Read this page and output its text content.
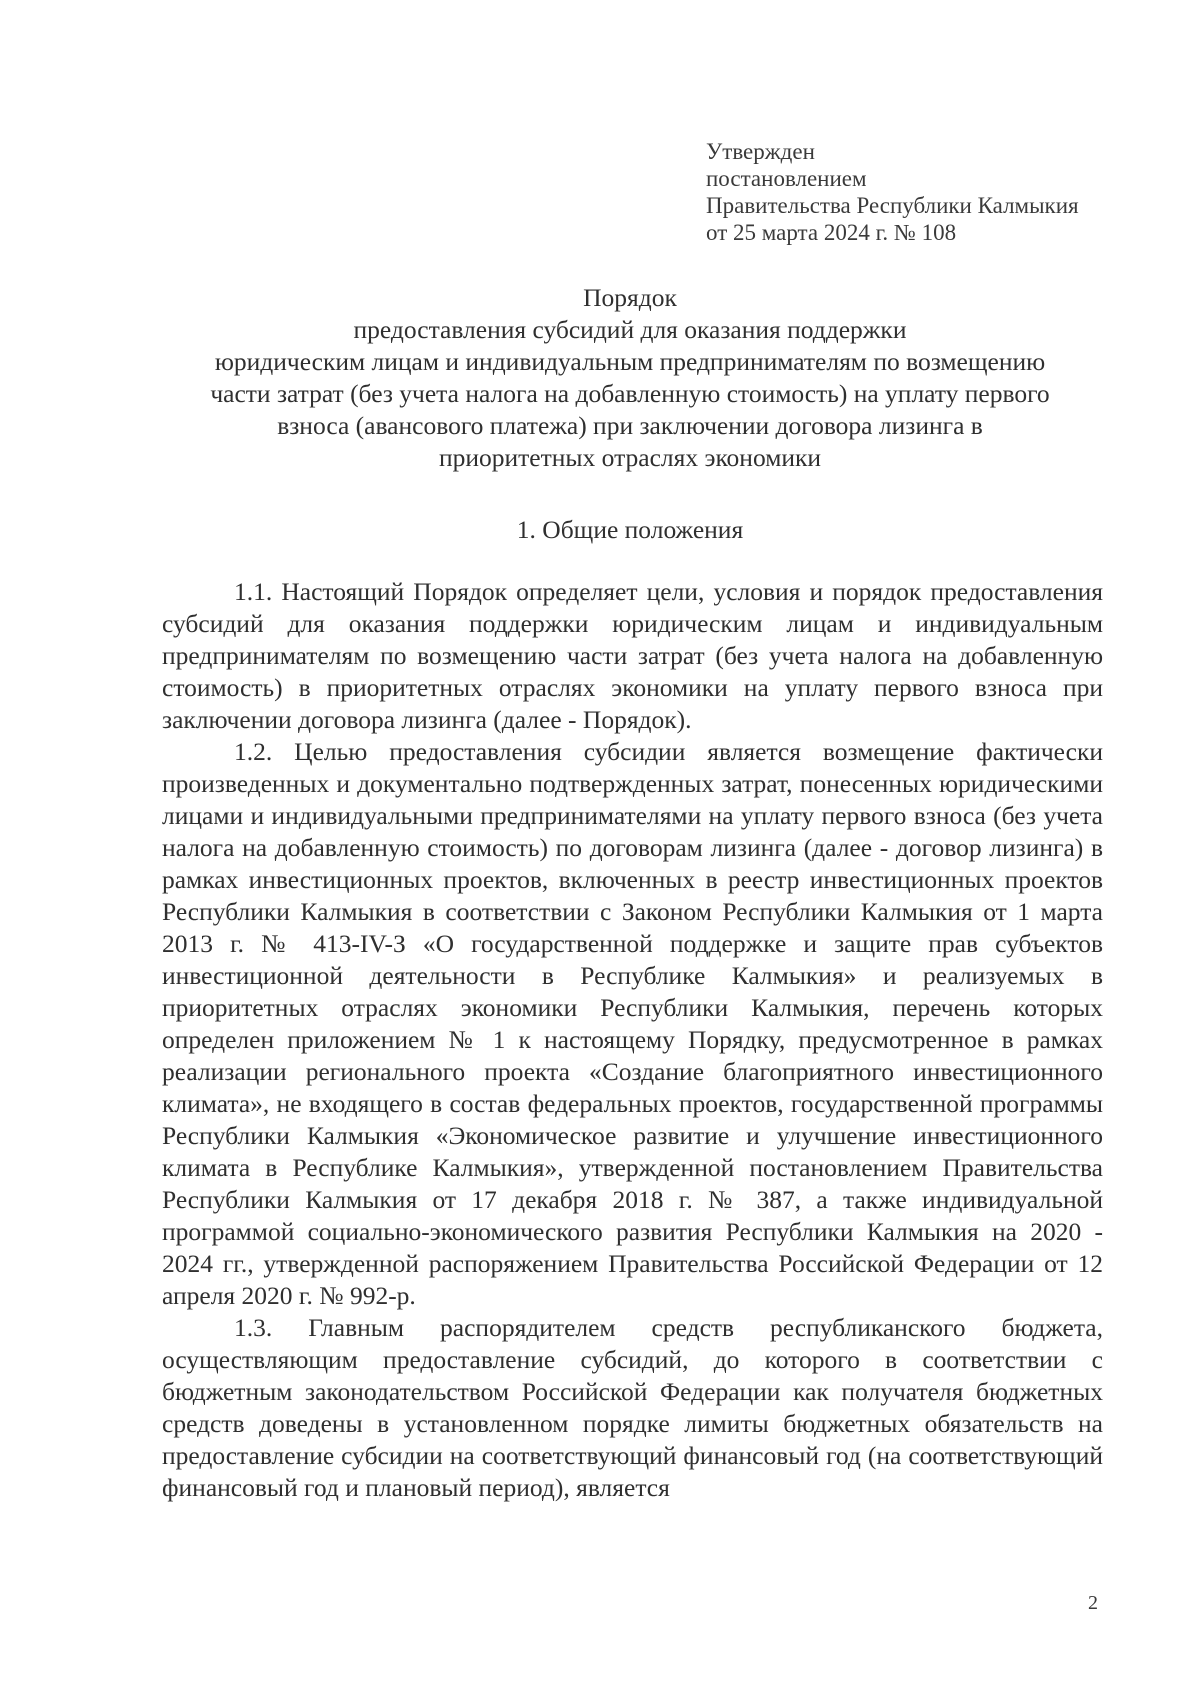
Утвержден
постановлением
Правительства Республики Калмыкия
от 25 марта 2024 г. № 108
Порядок
предоставления субсидий для оказания поддержки
юридическим лицам и индивидуальным предпринимателям по возмещению
части затрат (без учета налога на добавленную стоимость) на уплату первого
взноса (авансового платежа) при заключении договора лизинга в
приоритетных отраслях экономики
1. Общие положения

1.1. Настоящий Порядок определяет цели, условия и порядок предоставления субсидий для оказания поддержки юридическим лицам и индивидуальным предпринимателям по возмещению части затрат (без учета налога на добавленную стоимость) в приоритетных отраслях экономики на уплату первого взноса при заключении договора лизинга (далее - Порядок).

1.2. Целью предоставления субсидии является возмещение фактически произведенных и документально подтвержденных затрат, понесенных юридическими лицами и индивидуальными предпринимателями на уплату первого взноса (без учета налога на добавленную стоимость) по договорам лизинга (далее - договор лизинга) в рамках инвестиционных проектов, включенных в реестр инвестиционных проектов Республики Калмыкия в соответствии с Законом Республики Калмыкия от 1 марта 2013 г. № 413-IV-З «О государственной поддержке и защите прав субъектов инвестиционной деятельности в Республике Калмыкия» и реализуемых в приоритетных отраслях экономики Республики Калмыкия, перечень которых определен приложением № 1 к настоящему Порядку, предусмотренное в рамках реализации регионального проекта «Создание благоприятного инвестиционного климата», не входящего в состав федеральных проектов, государственной программы Республики Калмыкия «Экономическое развитие и улучшение инвестиционного климата в Республике Калмыкия», утвержденной постановлением Правительства Республики Калмыкия от 17 декабря 2018 г. № 387, а также индивидуальной программой социально-экономического развития Республики Калмыкия на 2020 - 2024 гг., утвержденной распоряжением Правительства Российской Федерации от 12 апреля 2020 г. № 992-р.

1.3. Главным распорядителем средств республиканского бюджета, осуществляющим предоставление субсидий, до которого в соответствии с бюджетным законодательством Российской Федерации как получателя бюджетных средств доведены в установленном порядке лимиты бюджетных обязательств на предоставление субсидии на соответствующий финансовый год (на соответствующий финансовый год и плановый период), является

2
